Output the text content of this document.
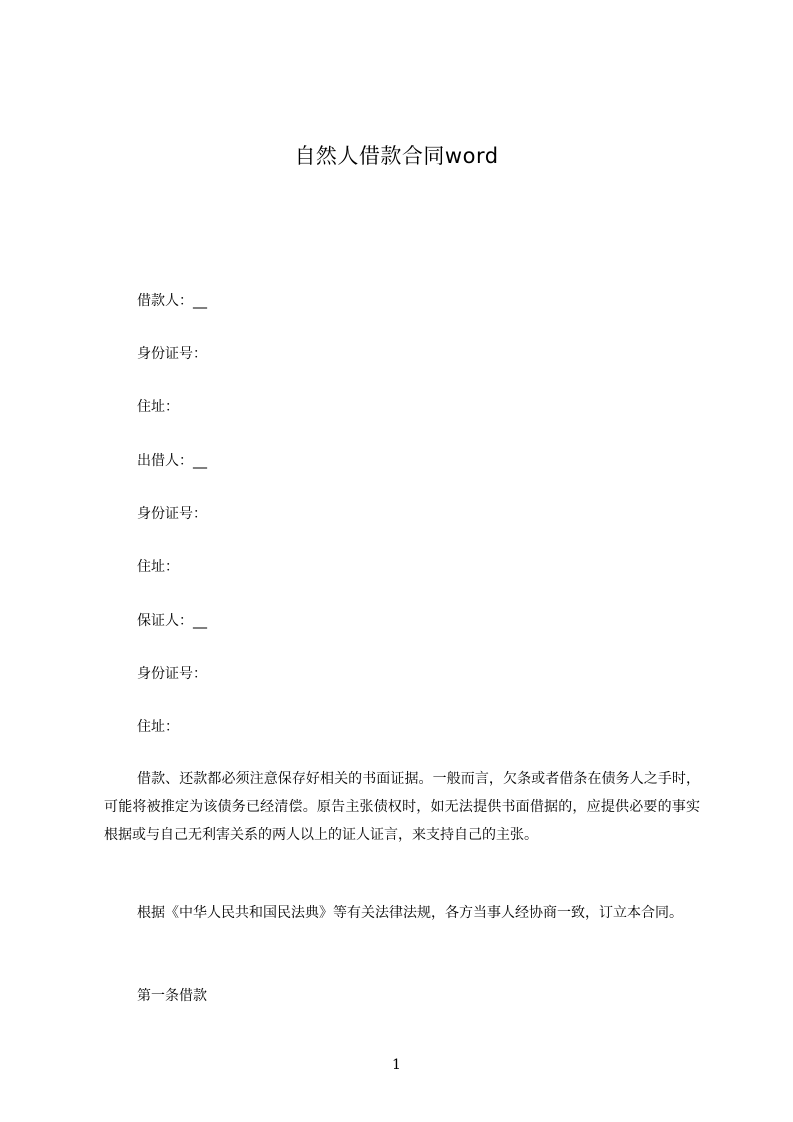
自然人借款合同word
借款人：__
身份证号：
住址：
出借人：__
身份证号：
住址：
保证人：__
身份证号：
住址：

借款、还款都必须注意保存好相关的书面证据。一般而言，欠条或者借条在债务人之手时，可能将被推定为该债务已经清偿。原告主张债权时，如无法提供书面借据的，应提供必要的事实根据或与自己无利害关系的两人以上的证人证言，来支持自己的主张。

根据《中华人民共和国民法典》等有关法律法规，各方当事人经协商一致，订立本合同。

第一条借款
1
